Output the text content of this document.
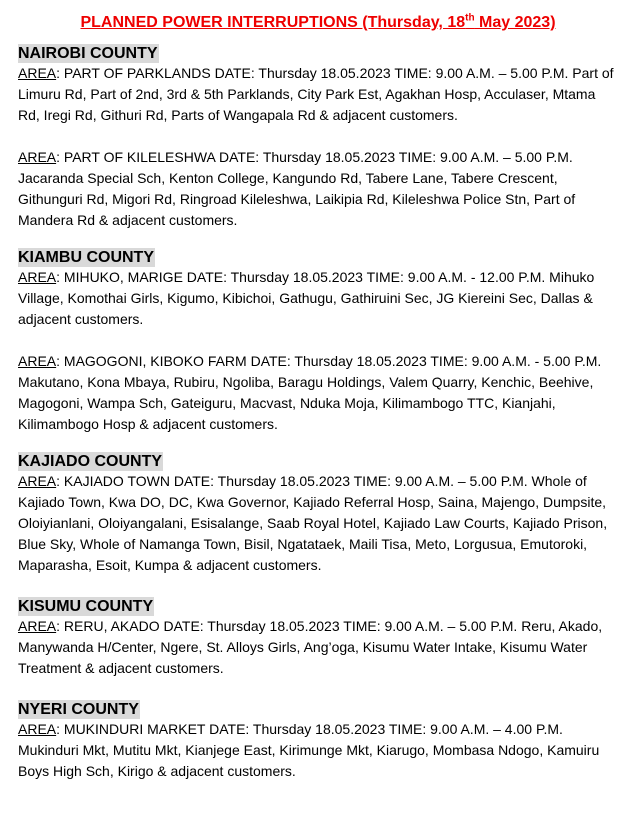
PLANNED POWER INTERRUPTIONS (Thursday, 18th May 2023)
NAIROBI COUNTY

AREA: PART OF PARKLANDS DATE: Thursday 18.05.2023 TIME: 9.00 A.M. – 5.00 P.M. Part of Limuru Rd, Part of 2nd, 3rd & 5th Parklands, City Park Est, Agakhan Hosp, Acculaser, Mtama Rd, Iregi Rd, Githuri Rd, Parts of Wangapala Rd & adjacent customers.

AREA: PART OF KILELESHWA DATE: Thursday 18.05.2023 TIME: 9.00 A.M. – 5.00 P.M. Jacaranda Special Sch, Kenton College, Kangundo Rd, Tabere Lane, Tabere Crescent, Githunguri Rd, Migori Rd, Ringroad Kileleshwa, Laikipia Rd, Kileleshwa Police Stn, Part of Mandera Rd & adjacent customers.

KIAMBU COUNTY

AREA: MIHUKO, MARIGE DATE: Thursday 18.05.2023 TIME: 9.00 A.M. - 12.00 P.M. Mihuko Village, Komothai Girls, Kigumo, Kibichoi, Gathugu, Gathiruini Sec, JG Kiereini Sec, Dallas & adjacent customers.

AREA: MAGOGONI, KIBOKO FARM DATE: Thursday 18.05.2023 TIME: 9.00 A.M. - 5.00 P.M. Makutano, Kona Mbaya, Rubiru, Ngoliba, Baragu Holdings, Valem Quarry, Kenchic, Beehive, Magogoni, Wampa Sch, Gateiguru, Macvast, Nduka Moja, Kilimambogo TTC, Kianjahi, Kilimambogo Hosp & adjacent customers.

KAJIADO COUNTY

AREA: KAJIADO TOWN DATE: Thursday 18.05.2023 TIME: 9.00 A.M. – 5.00 P.M. Whole of Kajiado Town, Kwa DO, DC, Kwa Governor, Kajiado Referral Hosp, Saina, Majengo, Dumpsite, Oloiyianlani, Oloiyangalani, Esisalange, Saab Royal Hotel, Kajiado Law Courts, Kajiado Prison, Blue Sky, Whole of Namanga Town, Bisil, Ngatataek, Maili Tisa, Meto, Lorgusua, Emutoroki, Maparasha, Esoit, Kumpa & adjacent customers.

KISUMU COUNTY

AREA: RERU, AKADO DATE: Thursday 18.05.2023 TIME: 9.00 A.M. – 5.00 P.M. Reru, Akado, Manywanda H/Center, Ngere, St. Alloys Girls, Ang’oga, Kisumu Water Intake, Kisumu Water Treatment & adjacent customers.

NYERI COUNTY

AREA: MUKINDURI MARKET DATE: Thursday 18.05.2023 TIME: 9.00 A.M. – 4.00 P.M. Mukinduri Mkt, Mutitu Mkt, Kianjege East, Kirimunge Mkt, Kiarugo, Mombasa Ndogo, Kamuiru Boys High Sch, Kirigo & adjacent customers.
